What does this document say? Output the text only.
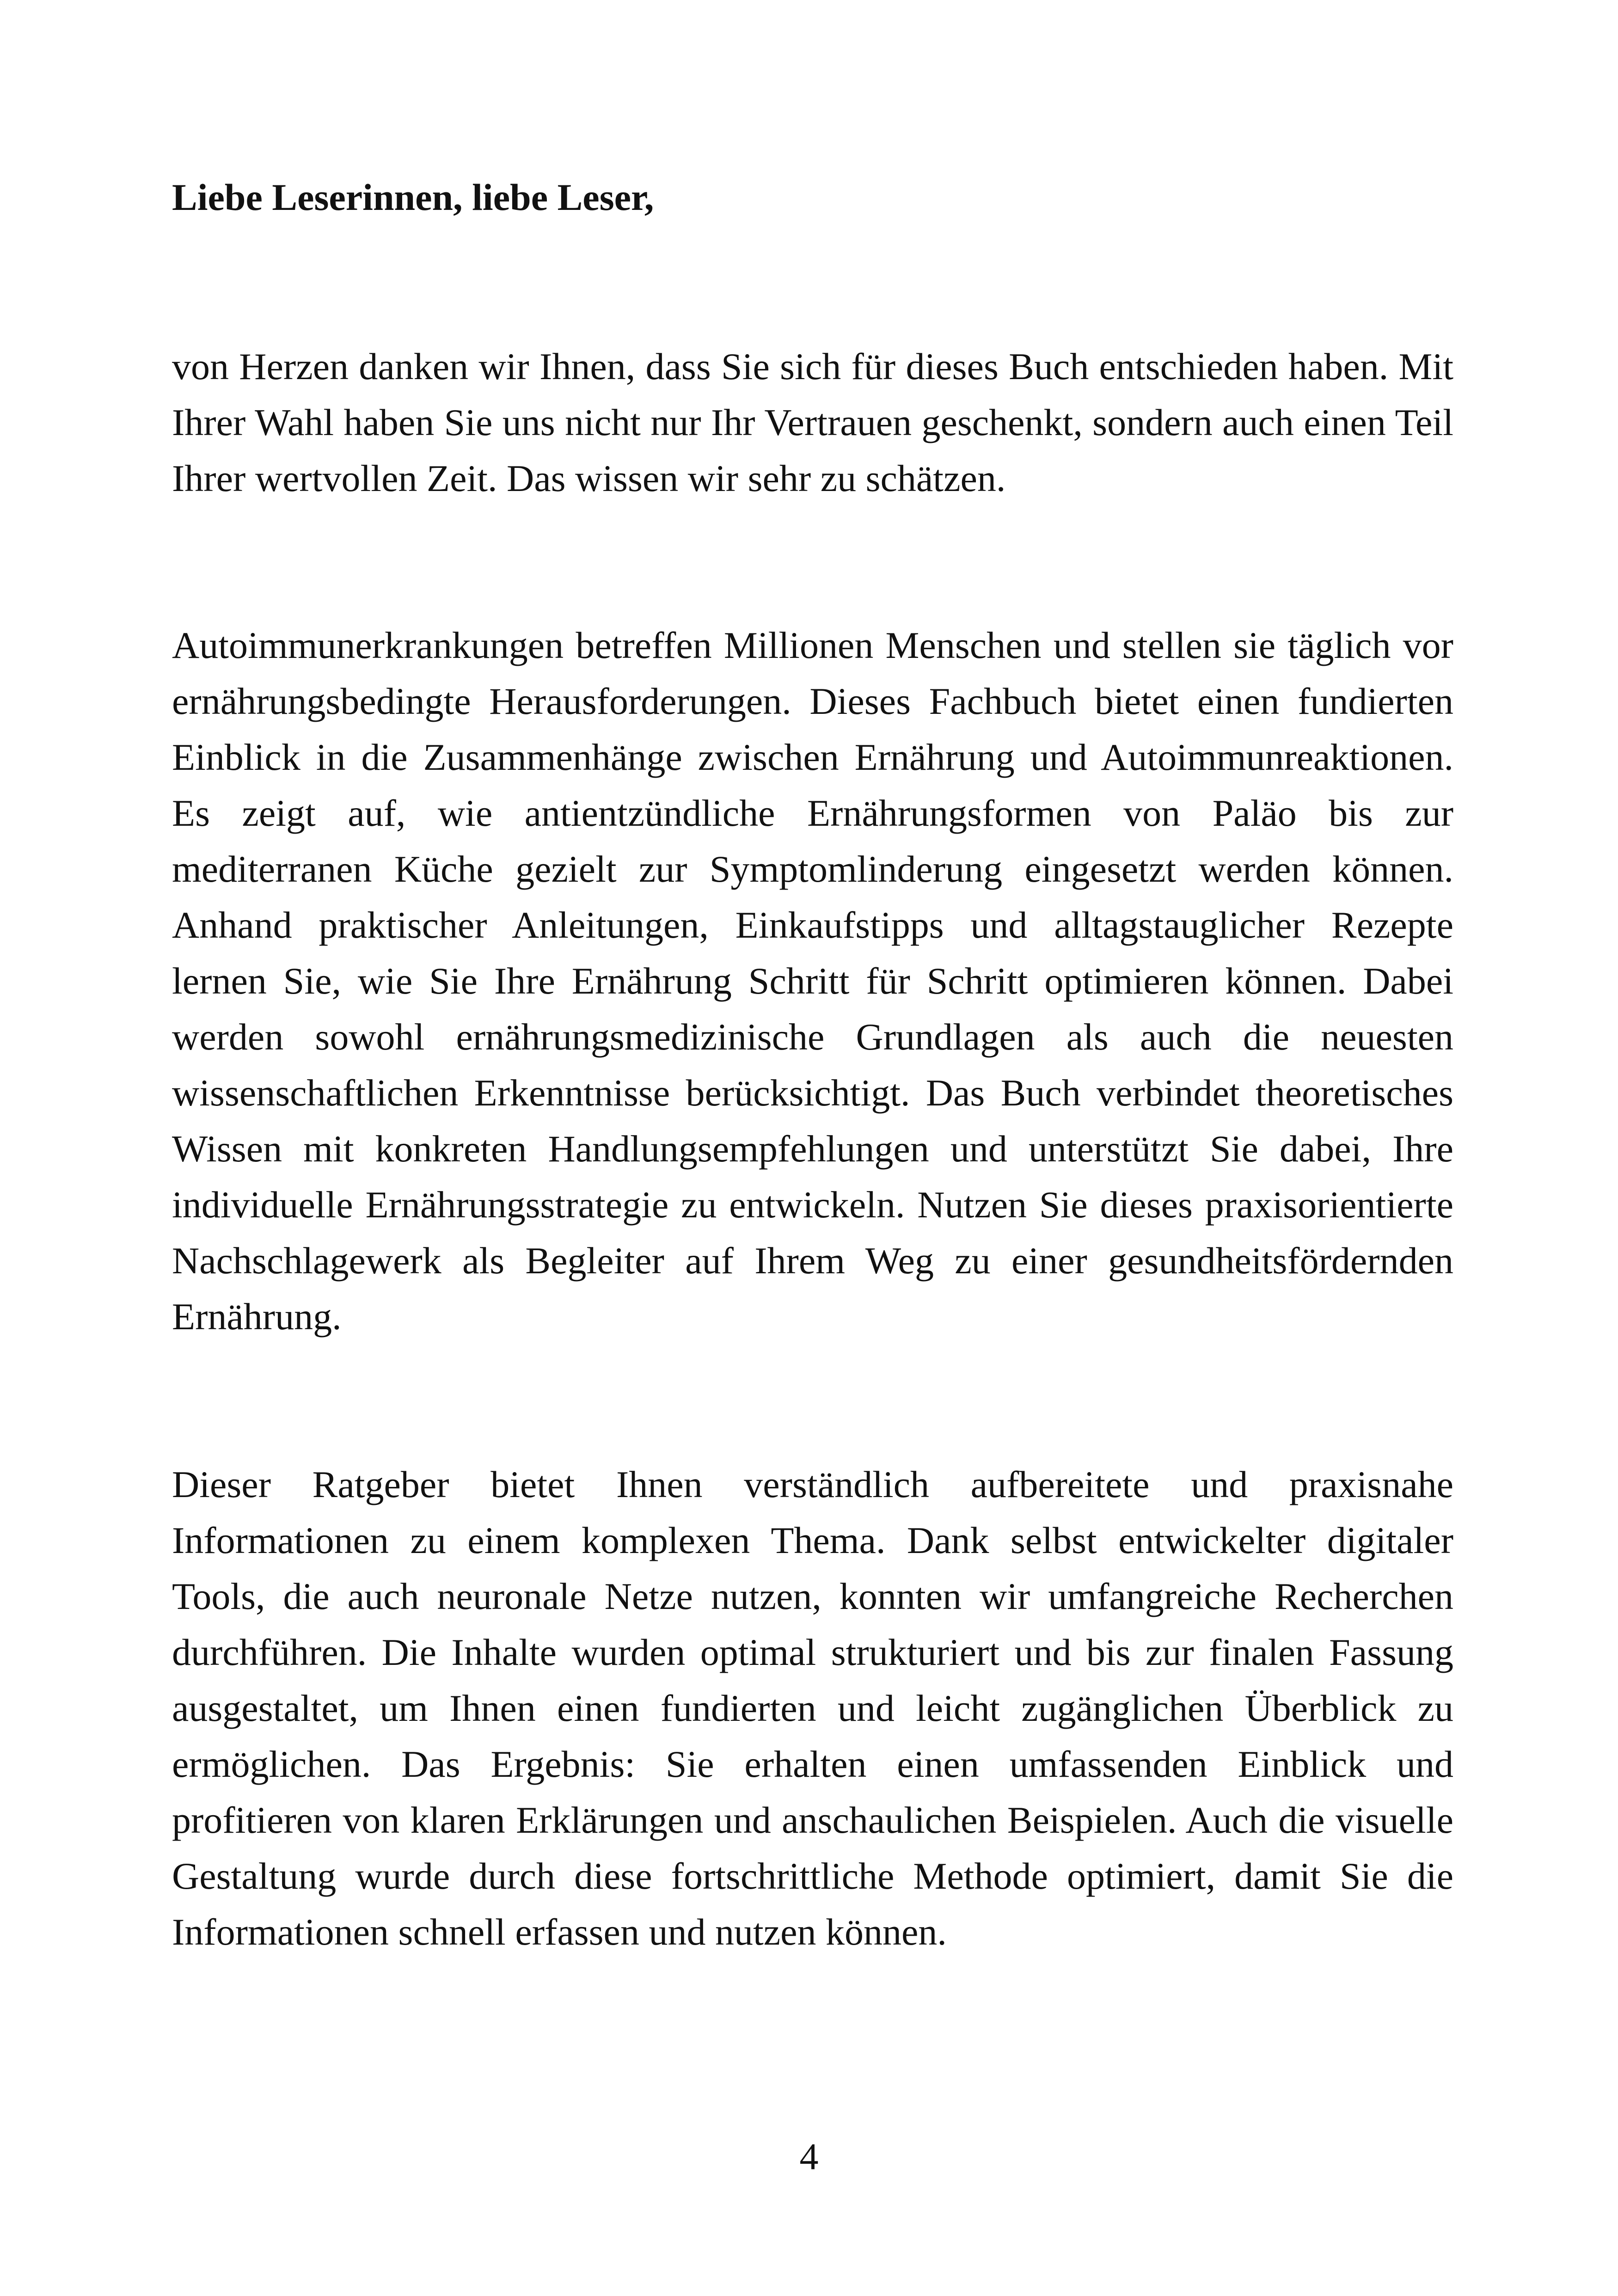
Liebe Leserinnen, liebe Leser,

von Herzen danken wir Ihnen, dass Sie sich für dieses Buch entschieden haben. Mit Ihrer Wahl haben Sie uns nicht nur Ihr Vertrauen geschenkt, sondern auch einen Teil Ihrer wertvollen Zeit. Das wissen wir sehr zu schätzen.

Autoimmunerkrankungen betreffen Millionen Menschen und stellen sie täglich vor ernährungsbedingte Herausforderungen. Dieses Fachbuch bietet einen fundierten Einblick in die Zusammenhänge zwischen Ernährung und Autoimmunreaktionen. Es zeigt auf, wie antientzündliche Ernährungsformen von Paläo bis zur mediterranen Küche gezielt zur Symptomlinderung eingesetzt werden können. Anhand praktischer Anleitungen, Einkaufstipps und alltagstauglicher Rezepte lernen Sie, wie Sie Ihre Ernährung Schritt für Schritt optimieren können. Dabei werden sowohl ernährungsmedizinische Grundlagen als auch die neuesten wissenschaftlichen Erkenntnisse berücksichtigt. Das Buch verbindet theoretisches Wissen mit konkreten Handlungsempfehlungen und unterstützt Sie dabei, Ihre individuelle Ernährungsstrategie zu entwickeln. Nutzen Sie dieses praxisorientierte Nachschlagewerk als Begleiter auf Ihrem Weg zu einer gesundheitsfördernden Ernährung.

Dieser Ratgeber bietet Ihnen verständlich aufbereitete und praxisnahe Informationen zu einem komplexen Thema. Dank selbst entwickelter digitaler Tools, die auch neuronale Netze nutzen, konnten wir umfangreiche Recherchen durchführen. Die Inhalte wurden optimal strukturiert und bis zur finalen Fassung ausgestaltet, um Ihnen einen fundierten und leicht zugänglichen Überblick zu ermöglichen. Das Ergebnis: Sie erhalten einen umfassenden Einblick und profitieren von klaren Erklärungen und anschaulichen Beispielen. Auch die visuelle Gestaltung wurde durch diese fortschrittliche Methode optimiert, damit Sie die Informationen schnell erfassen und nutzen können.

4
